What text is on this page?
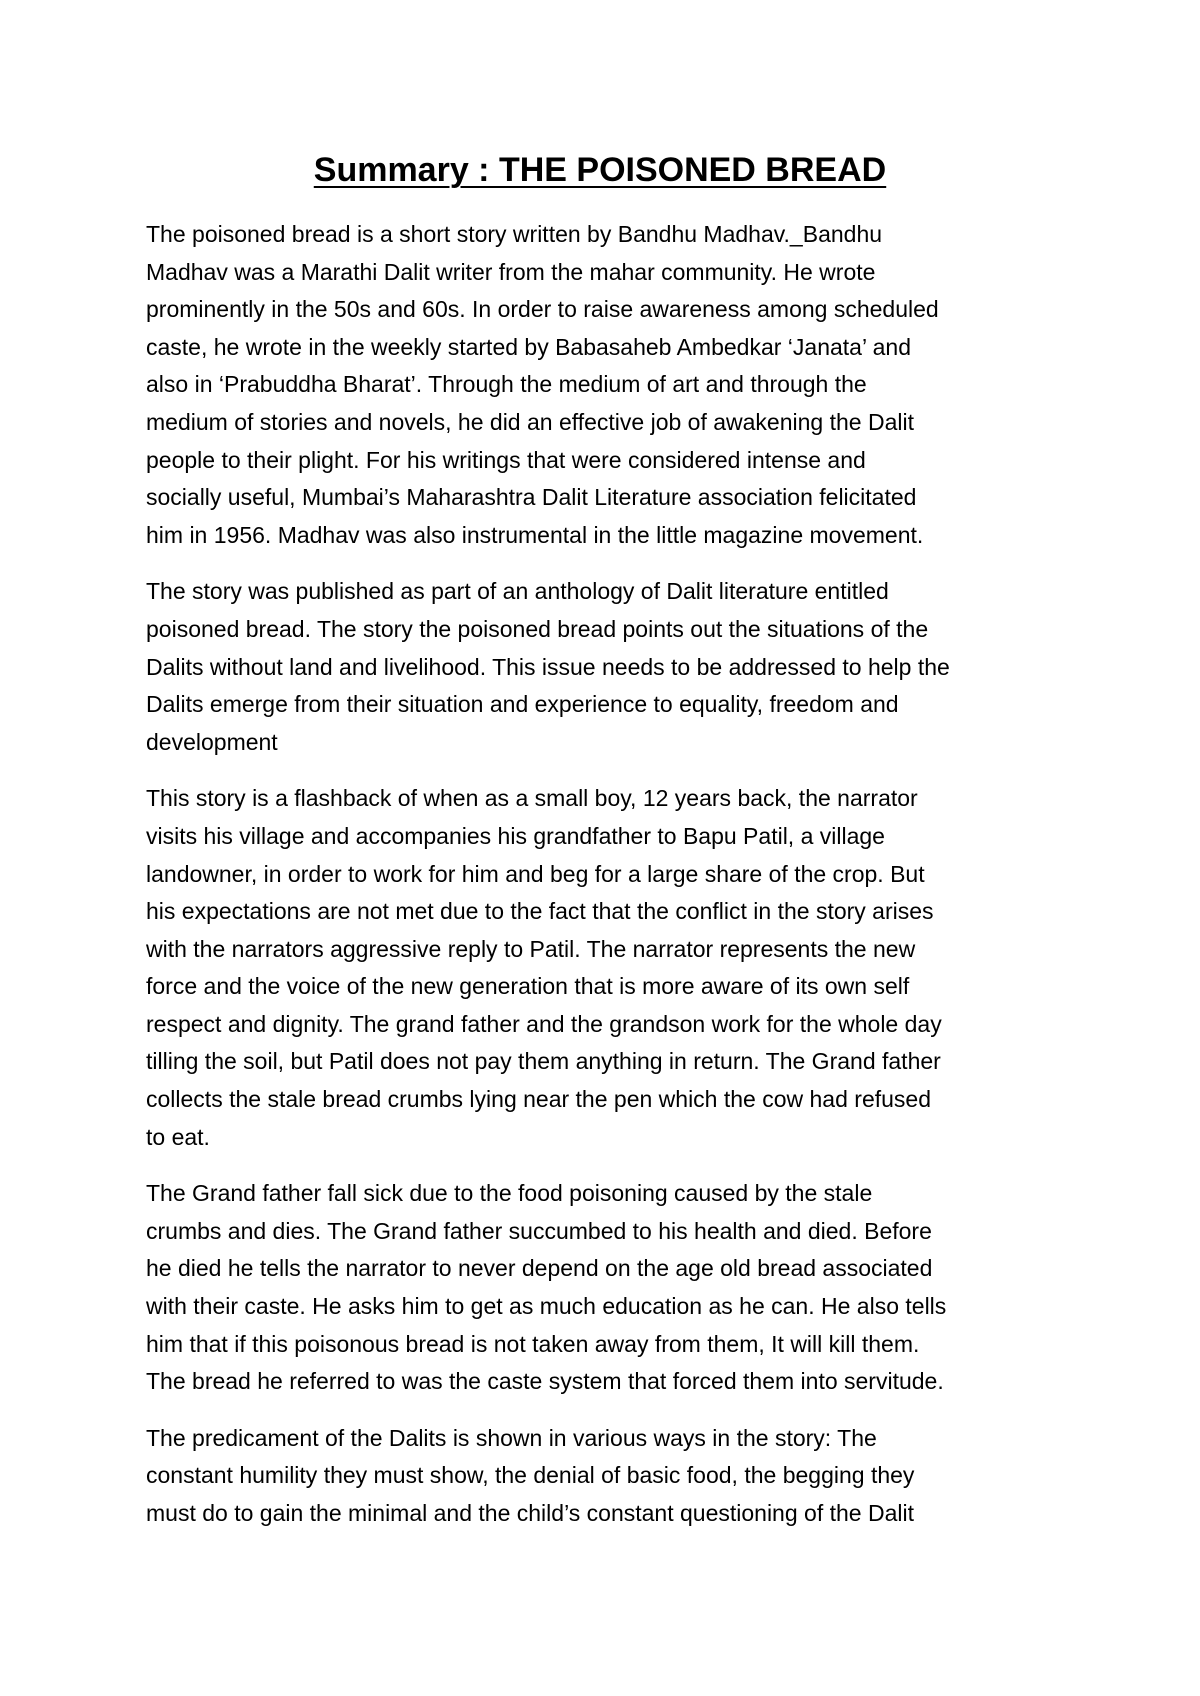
Summary : THE POISONED BREAD

The poisoned bread is a short story written by Bandhu Madhav._Bandhu
Madhav was a Marathi Dalit writer from the mahar community. He wrote
prominently in the 50s and 60s. In order to raise awareness among scheduled
caste, he wrote in the weekly started by Babasaheb Ambedkar ‘Janata’ and
also in ‘Prabuddha Bharat’. Through the medium of art and through the
medium of stories and novels, he did an effective job of awakening the Dalit
people to their plight. For his writings that were considered intense and
socially useful, Mumbai’s Maharashtra Dalit Literature association felicitated
him in 1956. Madhav was also instrumental in the little magazine movement.

The story was published as part of an anthology of Dalit literature entitled
poisoned bread. The story the poisoned bread points out the situations of the
Dalits without land and livelihood. This issue needs to be addressed to help the
Dalits emerge from their situation and experience to equality, freedom and
development

This story is a flashback of when as a small boy, 12 years back, the narrator
visits his village and accompanies his grandfather to Bapu Patil, a village
landowner, in order to work for him and beg for a large share of the crop. But
his expectations are not met due to the fact that the conflict in the story arises
with the narrators aggressive reply to Patil. The narrator represents the new
force and the voice of the new generation that is more aware of its own self
respect and dignity. The grand father and the grandson work for the whole day
tilling the soil, but Patil does not pay them anything in return. The Grand father
collects the stale bread crumbs lying near the pen which the cow had refused
to eat.

The Grand father fall sick due to the food poisoning caused by the stale
crumbs and dies. The Grand father succumbed to his health and died. Before
he died he tells the narrator to never depend on the age old bread associated
with their caste. He asks him to get as much education as he can. He also tells
him that if this poisonous bread is not taken away from them, It will kill them.
The bread he referred to was the caste system that forced them into servitude.

The predicament of the Dalits is shown in various ways in the story: The
constant humility they must show, the denial of basic food, the begging they
must do to gain the minimal and the child’s constant questioning of the Dalit
